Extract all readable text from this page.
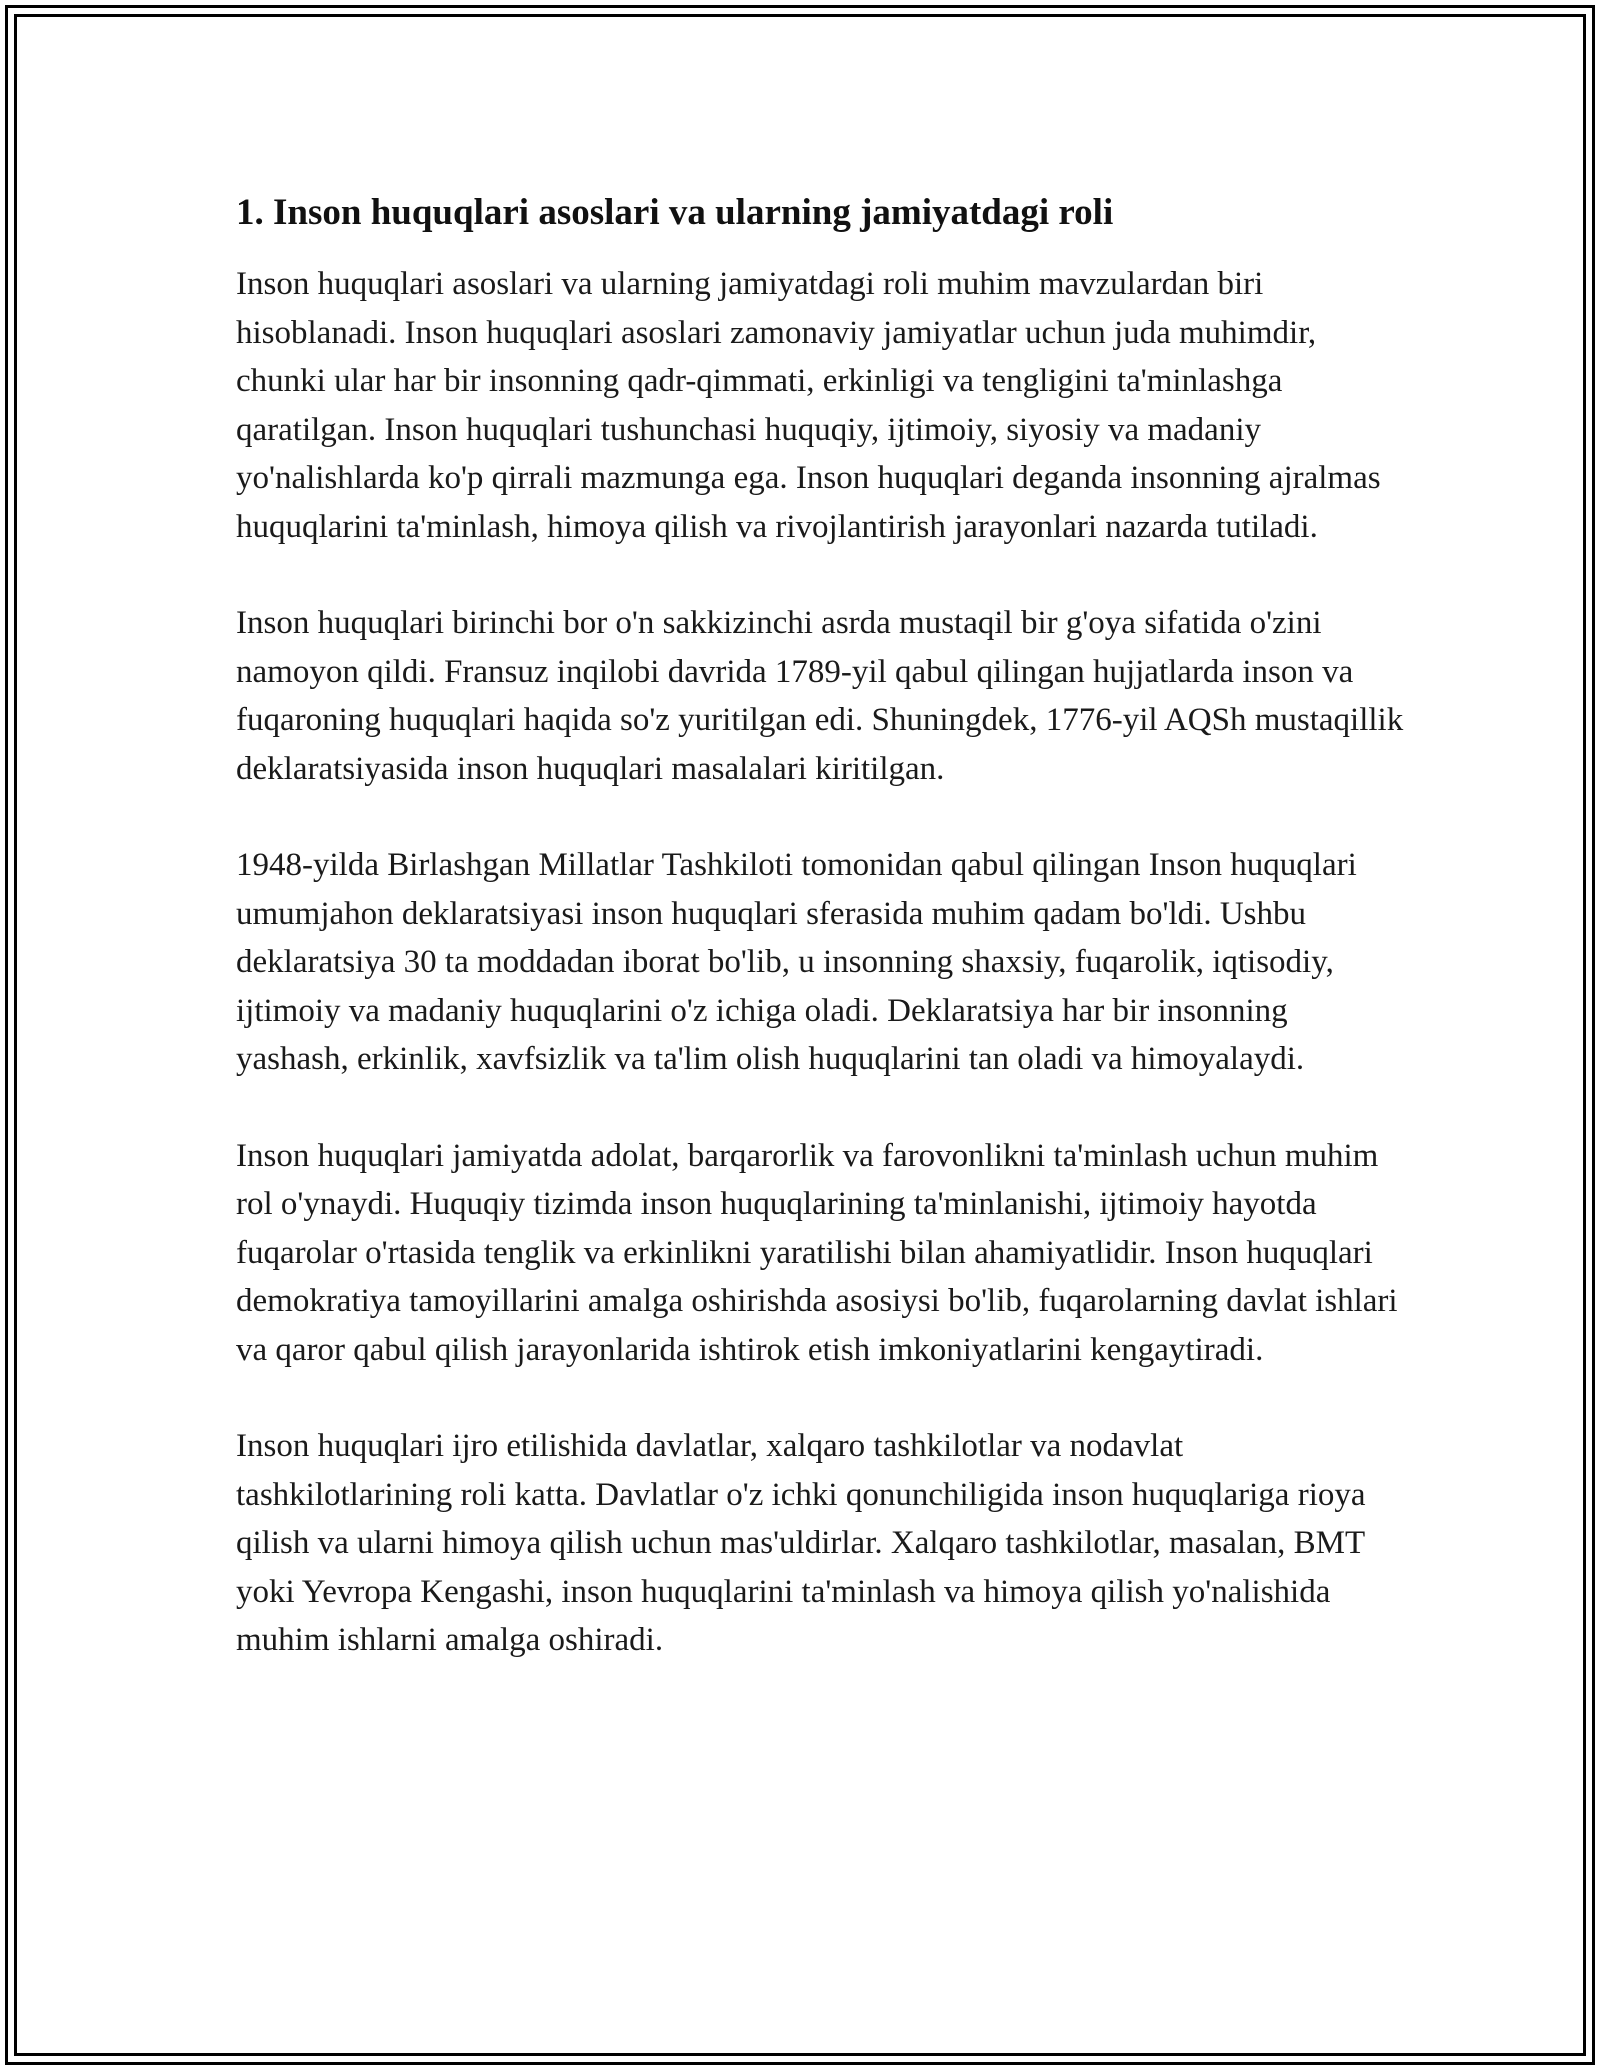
1. Inson huquqlari asoslari va ularning jamiyatdagi roli

Inson huquqlari asoslari va ularning jamiyatdagi roli muhim mavzulardan biri hisoblanadi. Inson huquqlari asoslari zamonaviy jamiyatlar uchun juda muhimdir, chunki ular har bir insonning qadr-qimmati, erkinligi va tengligini ta'minlashga qaratilgan. Inson huquqlari tushunchasi huquqiy, ijtimoiy, siyosiy va madaniy yo'nalishlarda ko'p qirrali mazmunga ega. Inson huquqlari deganda insonning ajralmas huquqlarini ta'minlash, himoya qilish va rivojlantirish jarayonlari nazarda tutiladi.

Inson huquqlari birinchi bor o'n sakkizinchi asrda mustaqil bir g'oya sifatida o'zini namoyon qildi. Fransuz inqilobi davrida 1789-yil qabul qilingan hujjatlarda inson va fuqaroning huquqlari haqida so'z yuritilgan edi. Shuningdek, 1776-yil AQSh mustaqillik deklaratsiyasida inson huquqlari masalalari kiritilgan.

1948-yilda Birlashgan Millatlar Tashkiloti tomonidan qabul qilingan Inson huquqlari umumjahon deklaratsiyasi inson huquqlari sferasida muhim qadam bo'ldi. Ushbu deklaratsiya 30 ta moddadan iborat bo'lib, u insonning shaxsiy, fuqarolik, iqtisodiy, ijtimoiy va madaniy huquqlarini o'z ichiga oladi. Deklaratsiya har bir insonning yashash, erkinlik, xavfsizlik va ta'lim olish huquqlarini tan oladi va himoyalaydi.

Inson huquqlari jamiyatda adolat, barqarorlik va farovonlikni ta'minlash uchun muhim rol o'ynaydi. Huquqiy tizimda inson huquqlarining ta'minlanishi, ijtimoiy hayotda fuqarolar o'rtasida tenglik va erkinlikni yaratilishi bilan ahamiyatlidir. Inson huquqlari demokratiya tamoyillarini amalga oshirishda asosiysi bo'lib, fuqarolarning davlat ishlari va qaror qabul qilish jarayonlarida ishtirok etish imkoniyatlarini kengaytiradi.

Inson huquqlari ijro etilishida davlatlar, xalqaro tashkilotlar va nodavlat tashkilotlarining roli katta. Davlatlar o'z ichki qonunchiligida inson huquqlariga rioya qilish va ularni himoya qilish uchun mas'uldirlar. Xalqaro tashkilotlar, masalan, BMT yoki Yevropa Kengashi, inson huquqlarini ta'minlash va himoya qilish yo'nalishida muhim ishlarni amalga oshiradi.
